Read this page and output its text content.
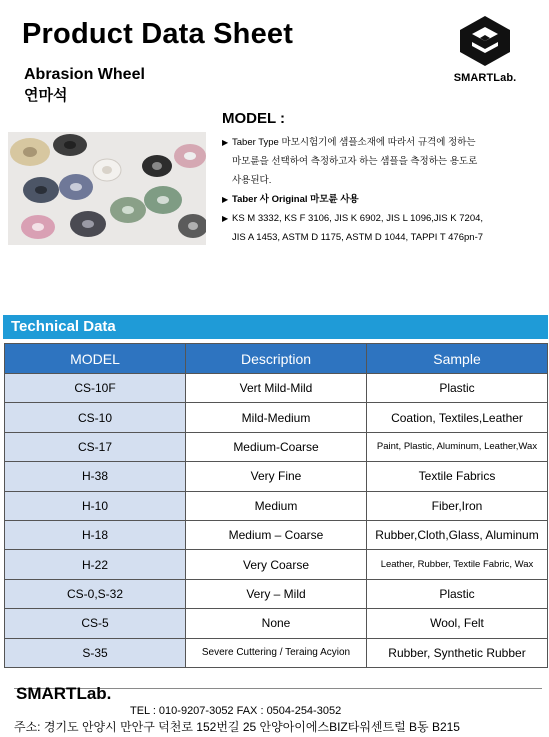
Product Data Sheet
Abrasion Wheel
연마석
SMARTLab.
MODEL :
▶ Taber Type 마모시험기에 샘플소재에 따라서 규격에 정하는
마모륜을 선택하여 측정하고자 하는 샘플을 측정하는 용도로
사용된다.
▶ Taber 사 Original 마모륜 사용
▶ KS M 3332, KS F 3106, JIS K 6902, JIS L 1096,JIS K 7204,
JIS A 1453, ASTM D 1175, ASTM D 1044, TAPPI T 476pn-7
Technical Data
MODEL	Description	Sample
CS-10F	Vert Mild-Mild	Plastic
CS-10	Mild-Medium	Coation, Textiles,Leather
CS-17	Medium-Coarse	Paint, Plastic, Aluminum, Leather,Wax
H-38	Very Fine	Textile Fabrics
H-10	Medium	Fiber,Iron
H-18	Medium – Coarse	Rubber,Cloth,Glass, Aluminum
H-22	Very Coarse	Leather, Rubber, Textile Fabric, Wax
CS-0,S-32	Very – Mild	Plastic
CS-5	None	Wool, Felt
S-35	Severe Cuttering / Teraing Acyion	Rubber, Synthetic Rubber
SMARTLab.
TEL : 010-9207-3052 FAX : 0504-254-3052
주소: 경기도 안양시 만안구 덕천로 152번길 25 안양아이에스BIZ타워센트럴 B동 B215
